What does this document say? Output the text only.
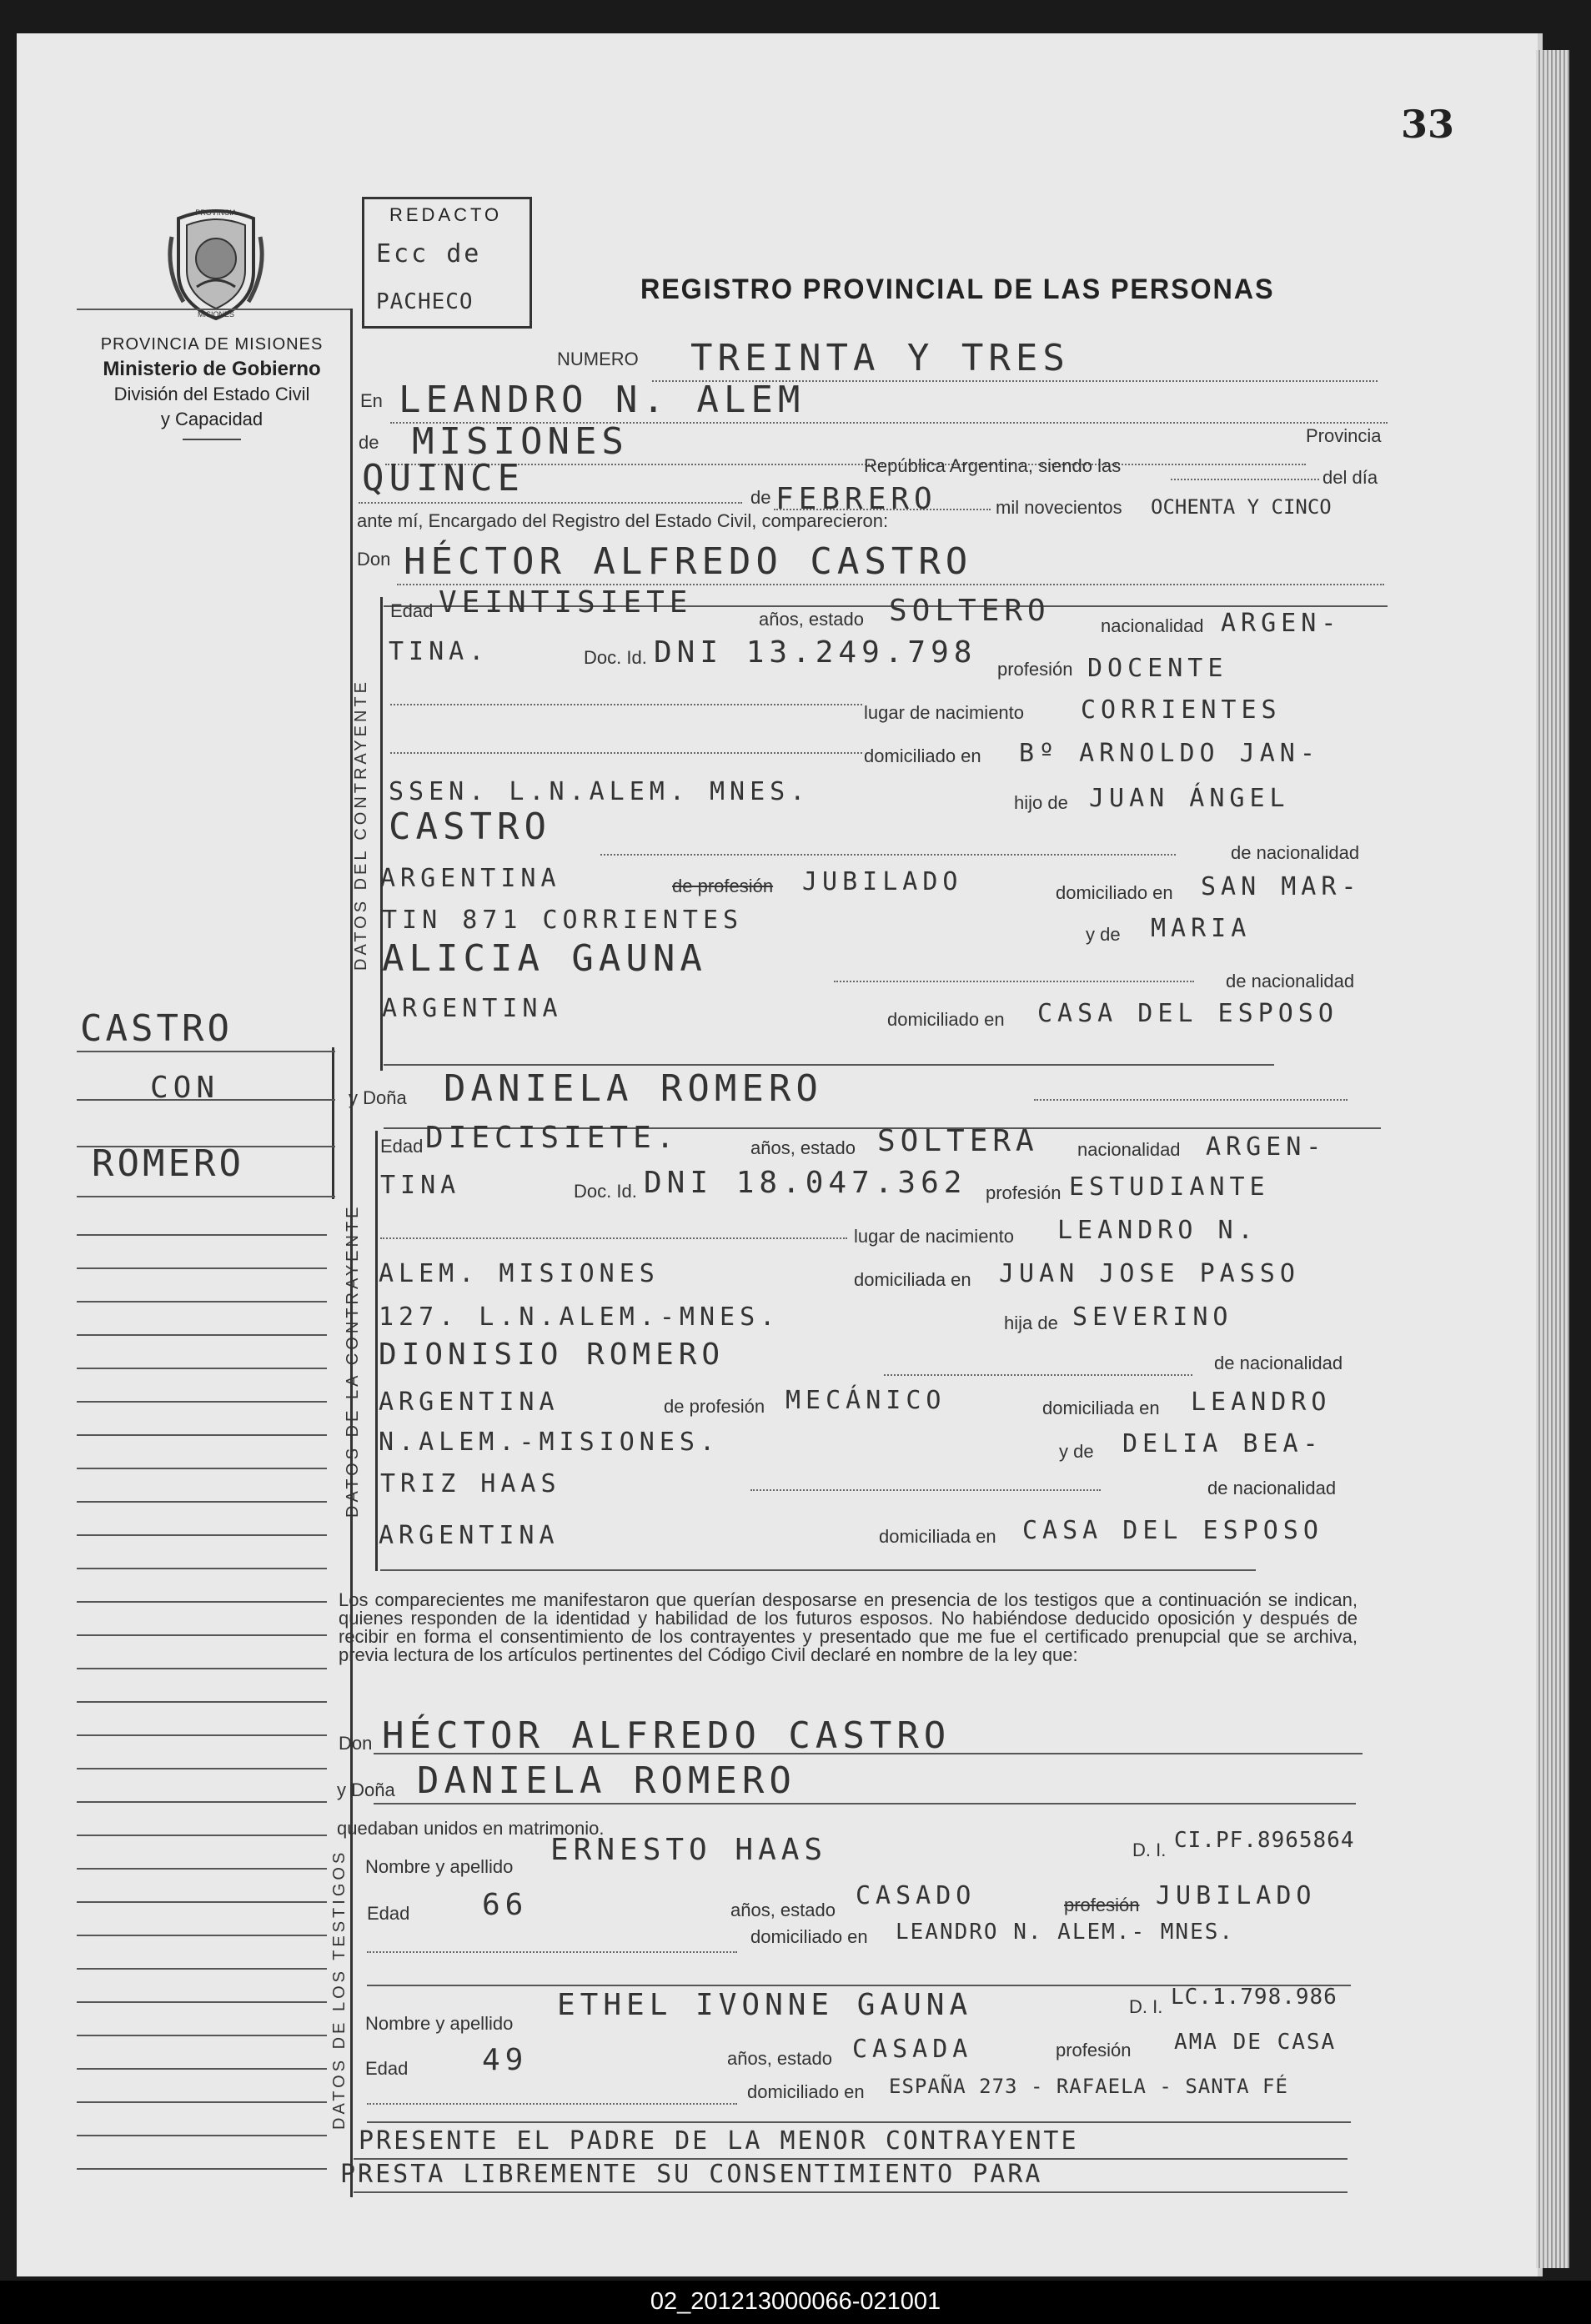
33
PROVINCIA
MISIONES
PROVINCIA DE MISIONES
Ministerio de Gobierno
División del Estado Civil
y Capacidad
REDACTO
Ecc de
PACHECO	REGISTRO PROVINCIAL DE LAS PERSONAS
NUMERO TREINTA Y TRES
En LEANDRO N. ALEM
de MISIONES	Provincia
República Argentina, siendo las
del día
QUINCE	de FEBRERO	mil novecientos OCHENTA Y CINCO
ante mí, Encargado del Registro del Estado Civil, comparecieron:
Don HÉCTOR ALFREDO CASTRO
DATOS DEL CONTRAYENTE
Edad VEINTISIETE	años, estado SOLTERO	nacionalidad ARGEN-
TINA.	Doc. Id. DNI 13.249.798 profesión DOCENTE
lugar de nacimiento CORRIENTES
domiciliado en Bº ARNOLDO JAN-
SSEN. L.N.ALEM. MNES.	hijo de JUAN ÁNGEL
CASTRO
de nacionalidad
ARGENTINA	de profesión JUBILADO	domiciliado en SAN MAR-
TIN 871 CORRIENTES	y de MARIA
ALICIA GAUNA
de nacionalidad
ARGENTINA	domiciliado en CASA DEL ESPOSO
y Doña DANIELA ROMERO
DATOS DE LA CONTRAYENTE
Edad DIECISIETE.	años, estado SOLTERA nacionalidad ARGEN-
TINA	Doc. Id. DNI 18.047.362 profesión ESTUDIANTE
lugar de nacimiento LEANDRO N.
ALEM. MISIONES	domiciliada en JUAN JOSE PASSO
127. L.N.ALEM.-MNES.	hija de SEVERINO
DIONISIO ROMERO	de nacionalidad
ARGENTINA	de profesión MECÁNICO	domiciliada en LEANDRO
N.ALEM.-MISIONES.	y de DELIA BEA-
TRIZ HAAS	de nacionalidad
ARGENTINA	domiciliada en CASA DEL ESPOSO
Los comparecientes me manifestaron que querían desposarse en presencia de los testigos que a continuación se indican, quienes responden de la identidad y habilidad de los futuros esposos. No habiéndose deducido oposición y después de recibir en forma el consentimiento de los contrayentes y presentado que me fue el certificado prenupcial que se archiva, previa lectura de los artículos pertinentes del Código Civil declaré en nombre de la ley que:
Don HÉCTOR ALFREDO CASTRO
y Doña DANIELA ROMERO
quedaban unidos en matrimonio.
DATOS DE LOS TESTIGOS Nombre y apellido ERNESTO HAAS	D. I. CI.PF.8965864
Edad 66	años, estado CASADO	profesión JUBILADO
domiciliado en LEANDRO N. ALEM.- MNES.
Nombre y apellido
ETHEL IVONNE GAUNA	D. I. LC.1.798.986
Edad 49	años, estado CASADA	profesión AMA DE CASA
domiciliado en ESPAÑA 273 - RAFAELA - SANTA FÉ
PRESENTE EL PADRE DE LA MENOR CONTRAYENTE
PRESTA LIBREMENTE SU CONSENTIMIENTO PARA
CASTRO
CON
ROMERO
02_201213000066-021001
